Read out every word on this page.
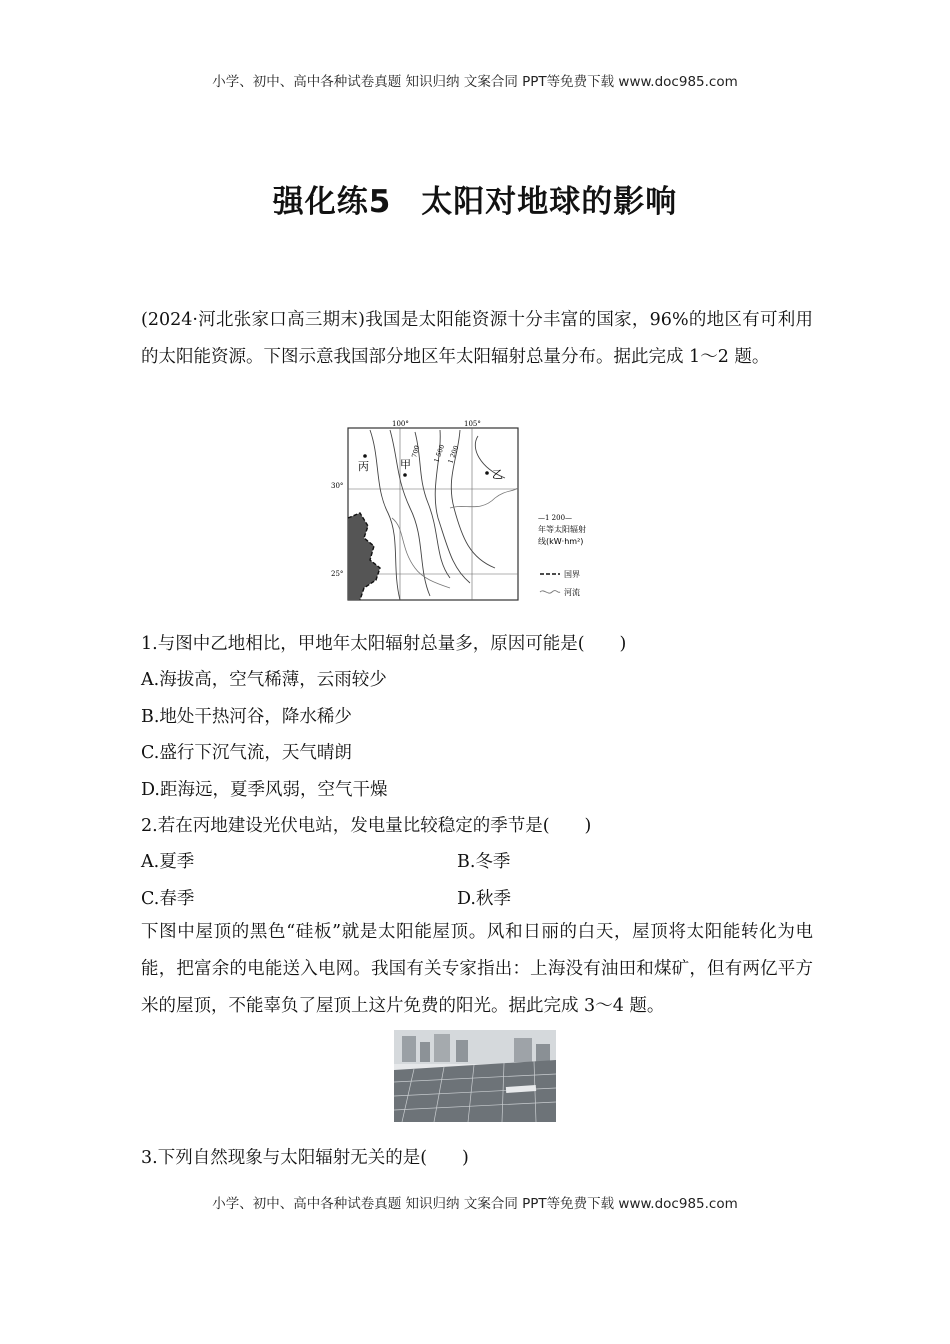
小学、初中、高中各种试卷真题 知识归纳 文案合同 PPT等免费下载 www.doc985.com
强化练5 太阳对地球的影响
(2024·河北张家口高三期末)我国是太阳能资源十分丰富的国家，96%的地区有可利用的太阳能资源。下图示意我国部分地区年太阳辐射总量分布。据此完成 1～2 题。
100°	105°
30°
25°
700 1 500 1 200
丙	甲
乙
—1 200—
年等太阳辐射
线(kW·hm²)
国界
河流
1.与图中乙地相比，甲地年太阳辐射总量多，原因可能是(　　)
A.海拔高，空气稀薄，云雨较少
B.地处干热河谷，降水稀少
C.盛行下沉气流，天气晴朗
D.距海远，夏季风弱，空气干燥
2.若在丙地建设光伏电站，发电量比较稳定的季节是(　　)
A.夏季	B.冬季
C.春季	D.秋季
下图中屋顶的黑色“硅板”就是太阳能屋顶。风和日丽的白天，屋顶将太阳能转化为电能，把富余的电能送入电网。我国有关专家指出：上海没有油田和煤矿，但有两亿平方米的屋顶，不能辜负了屋顶上这片免费的阳光。据此完成 3～4 题。
3.下列自然现象与太阳辐射无关的是(　　)
小学、初中、高中各种试卷真题 知识归纳 文案合同 PPT等免费下载 www.doc985.com
